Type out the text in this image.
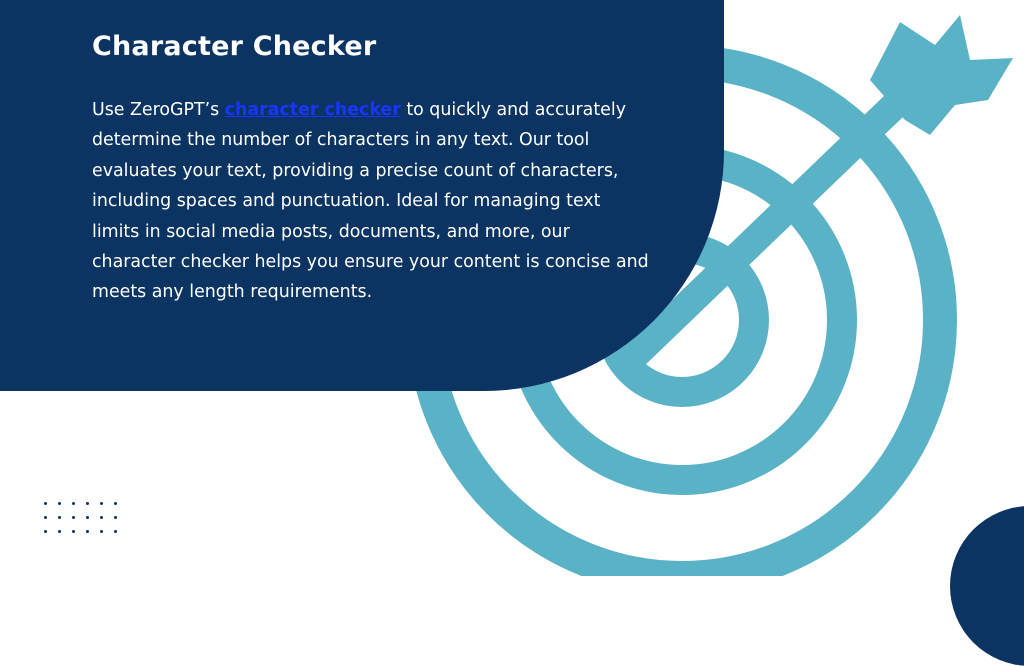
Character Checker

Use ZeroGPT’s character checker to quickly and accurately determine the number of characters in any text. Our tool evaluates your text, providing a precise count of characters, including spaces and punctuation. Ideal for managing text limits in social media posts, documents, and more, our character checker helps you ensure your content is concise and meets any length requirements.
